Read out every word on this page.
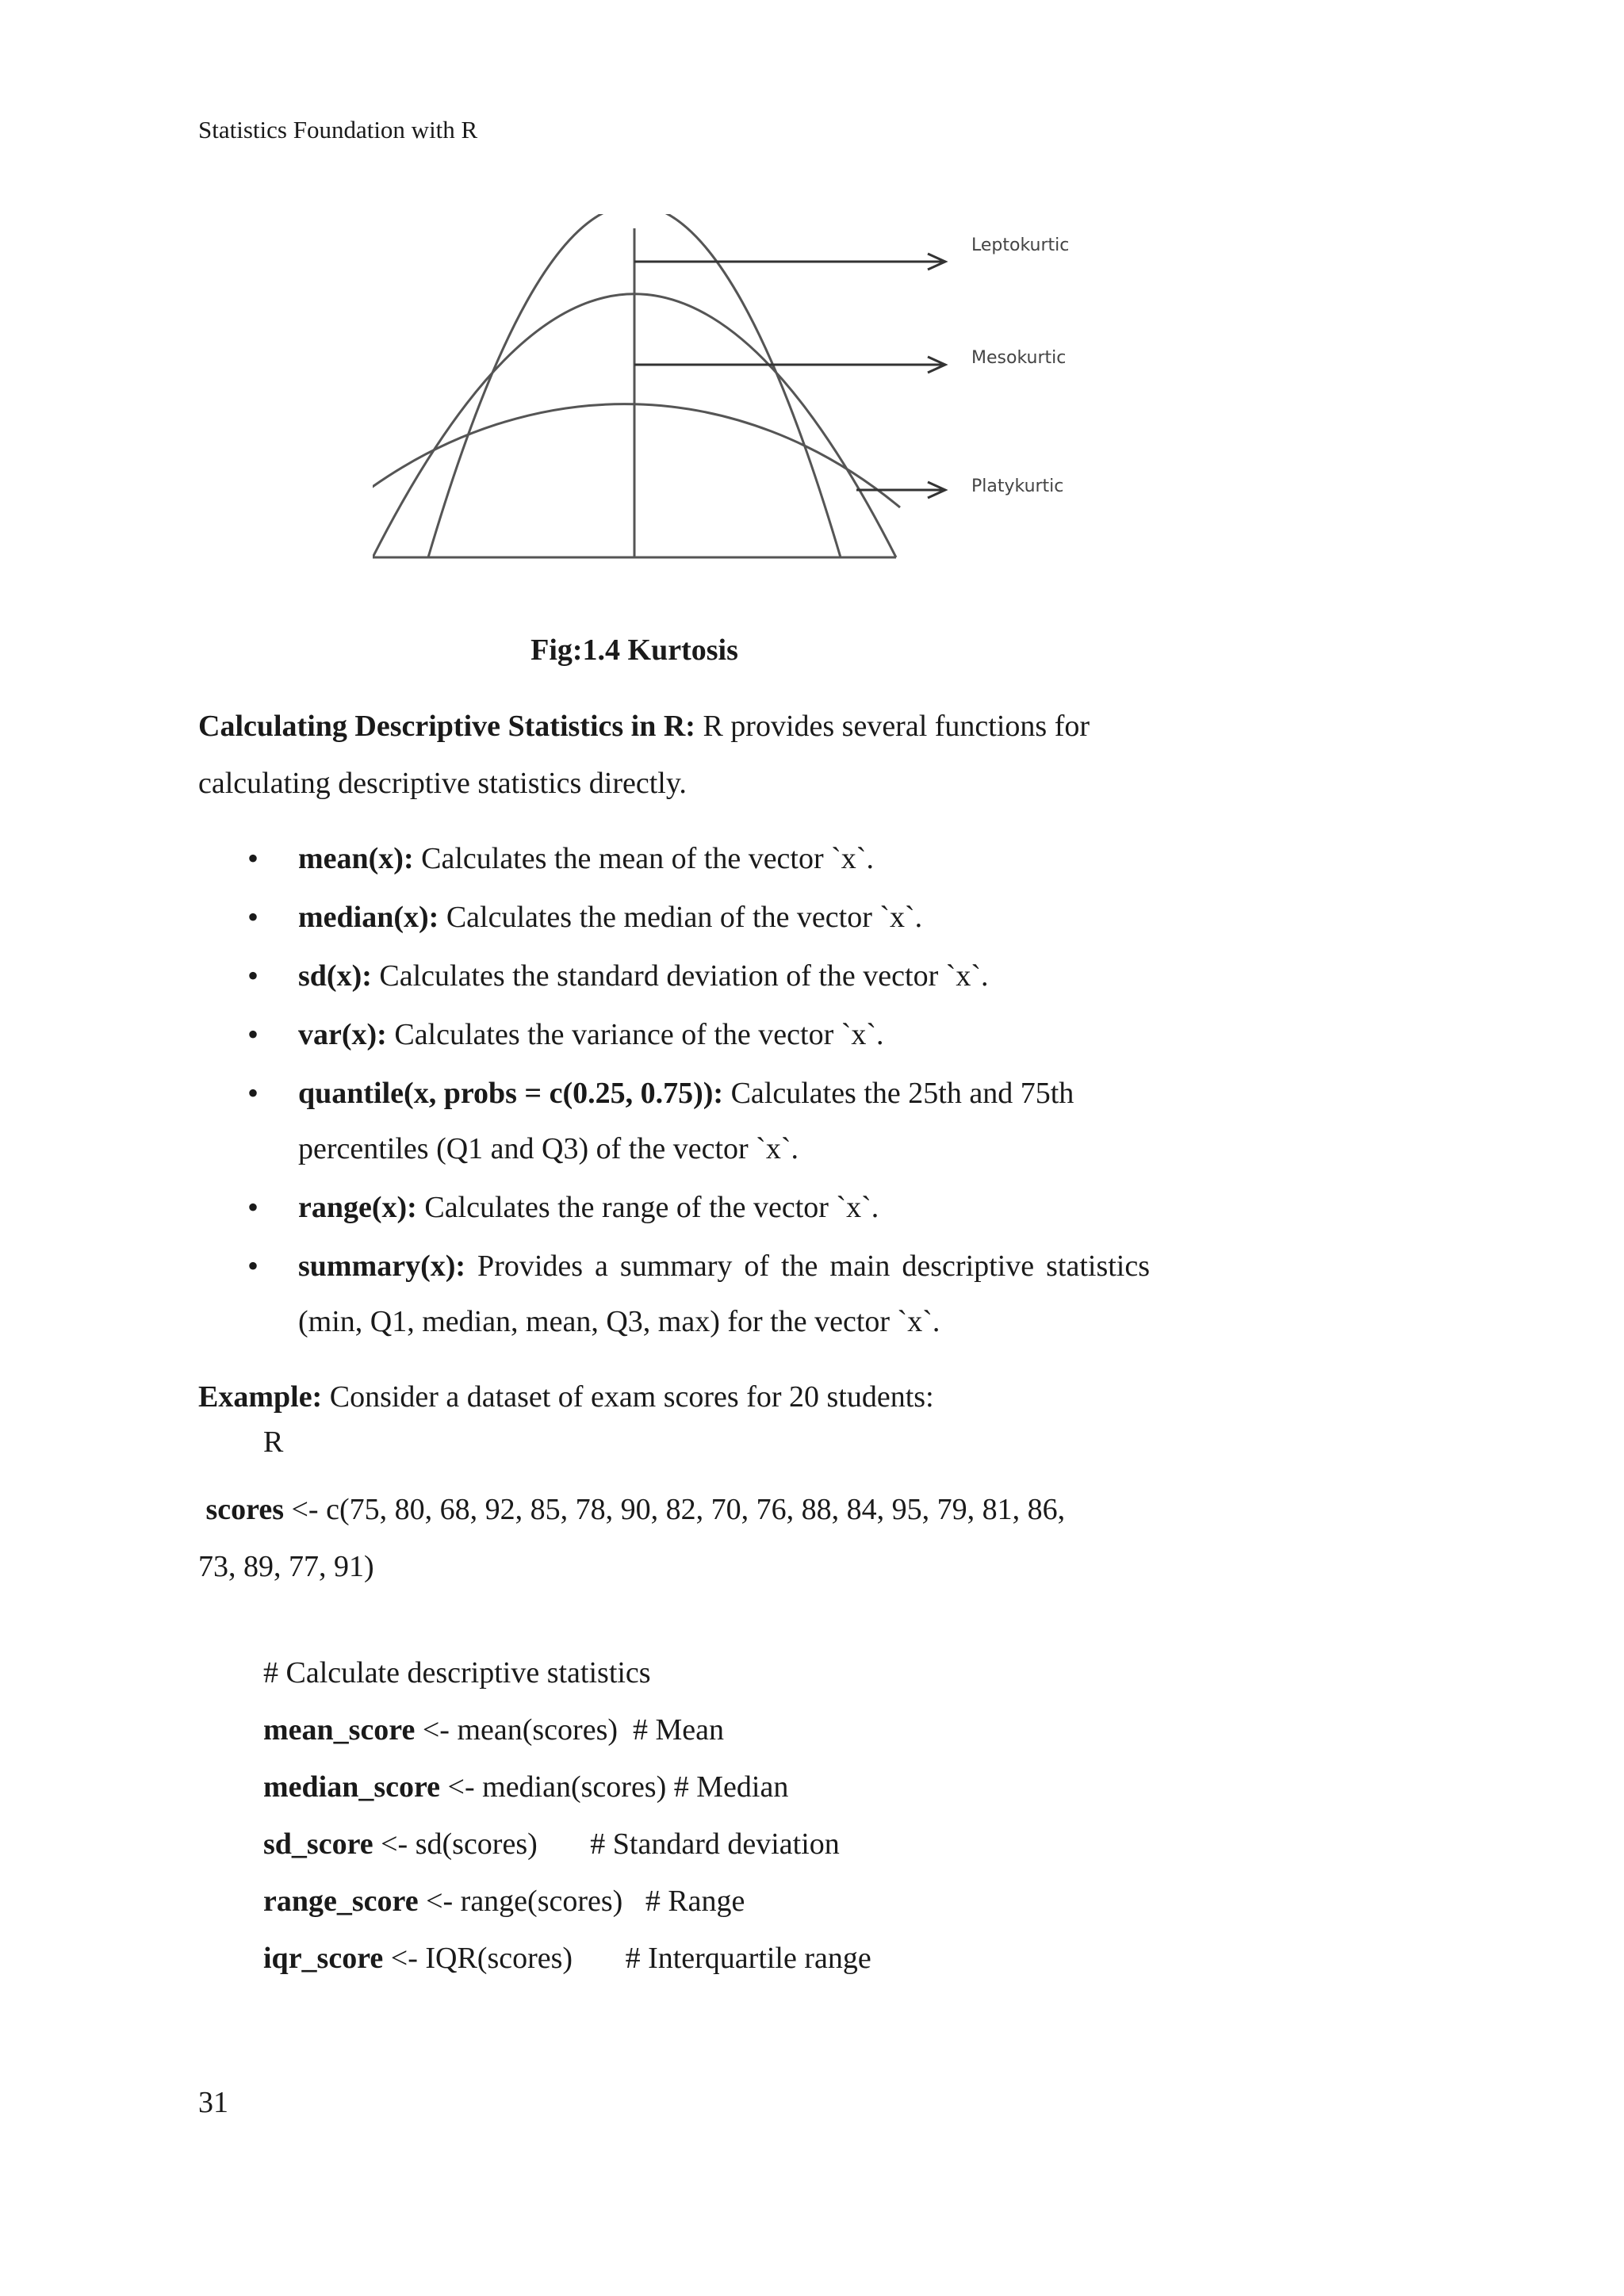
Statistics Foundation with R
Leptokurtic
Mesokurtic
Platykurtic
Fig:1.4 Kurtosis
Calculating Descriptive Statistics in R: R provides several functions for calculating descriptive statistics directly.
• mean(x): Calculates the mean of the vector `x`.
• median(x): Calculates the median of the vector `x`.
• sd(x): Calculates the standard deviation of the vector `x`.
• var(x): Calculates the variance of the vector `x`.
• quantile(x, probs = c(0.25, 0.75)): Calculates the 25th and 75th percentiles (Q1 and Q3) of the vector `x`.
• range(x): Calculates the range of the vector `x`.
• summary(x): Provides a summary of the main descriptive statistics (min, Q1, median, mean, Q3, max) for the vector `x`.
Example: Consider a dataset of exam scores for 20 students:
R
scores <- c(75, 80, 68, 92, 85, 78, 90, 82, 70, 76, 88, 84, 95, 79, 81, 86,
73, 89, 77, 91)
# Calculate descriptive statistics
mean_score <- mean(scores)  # Mean
median_score <- median(scores) # Median
sd_score <- sd(scores)       # Standard deviation
range_score <- range(scores)   # Range
iqr_score <- IQR(scores)       # Interquartile range
31
